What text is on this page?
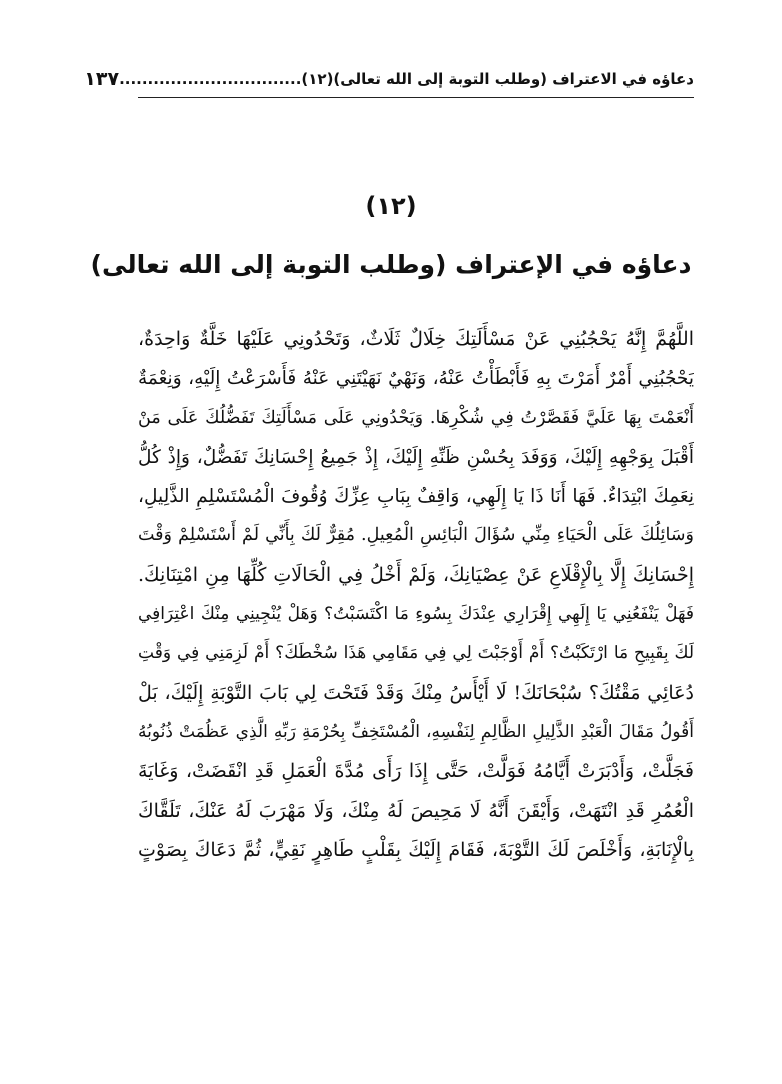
دعاؤه في الاعتراف (وطلب التوبة إلى الله تعالى)(١٢)
................................
١٣٧
(١٢)
دعاؤه في الإعتراف (وطلب التوبة إلى الله تعالى)
اللَّهُمَّ إِنَّهُ يَحْجُبُنِي عَنْ مَسْأَلَتِكَ خِلَالٌ ثَلَاثٌ، وَتَحْدُونِي عَلَيْهَا خَلَّةٌ وَاحِدَةٌ،
يَحْجُبُنِي أَمْرٌ أَمَرْتَ بِهِ فَأَبْطَأْتُ عَنْهُ، وَنَهْيٌ نَهَيْتَنِي عَنْهُ فَأَسْرَعْتُ إِلَيْهِ، وَنِعْمَةٌ
أَنْعَمْتَ بِهَا عَلَيَّ فَقَصَّرْتُ فِي شُكْرِهَا. وَيَحْدُونِي عَلَى مَسْأَلَتِكَ تَفَضُّلُكَ عَلَى مَنْ
أَقْبَلَ بِوَجْهِهِ إِلَيْكَ، وَوَفَدَ بِحُسْنِ ظَنِّهِ إِلَيْكَ، إِذْ جَمِيعُ إِحْسَانِكَ تَفَضُّلٌ، وَإِذْ كُلُّ
نِعَمِكَ ابْتِدَاءٌ. فَهَا أَنَا ذَا يَا إِلَهِي، وَاقِفٌ بِبَابِ عِزِّكَ وُقُوفَ الْمُسْتَسْلِمِ الذَّلِيلِ،
وَسَائِلُكَ عَلَى الْحَيَاءِ مِنِّي سُؤَالَ الْبَائِسِ الْمُعِيلِ. مُقِرٌّ لَكَ بِأَنِّي لَمْ أَسْتَسْلِمْ وَقْتَ
إِحْسَانِكَ إِلَّا بِالْإِقْلَاعِ عَنْ عِصْيَانِكَ، وَلَمْ أَخْلُ فِي الْحَالَاتِ كُلِّهَا مِنِ امْتِنَانِكَ.
فَهَلْ يَنْفَعُنِي يَا إِلَهِي إِقْرَارِي عِنْدَكَ بِسُوءِ مَا اكْتَسَبْتُ؟ وَهَلْ يُنْجِينِي مِنْكَ اعْتِرَافِي
لَكَ بِقَبِيحِ مَا ارْتَكَبْتُ؟ أَمْ أَوْجَبْتَ لِي فِي مَقَامِي هَذَا سُخْطَكَ؟ أَمْ لَزِمَنِي فِي وَقْتِ
دُعَائِي مَقْتُكَ؟ سُبْحَانَكَ! لَا أَيْأَسُ مِنْكَ وَقَدْ فَتَحْتَ لِي بَابَ التَّوْبَةِ إِلَيْكَ، بَلْ
أَقُولُ مَقَالَ الْعَبْدِ الذَّلِيلِ الظَّالِمِ لِنَفْسِهِ، الْمُسْتَخِفِّ بِحُرْمَةِ رَبِّهِ الَّذِي عَظُمَتْ ذُنُوبُهُ
فَجَلَّتْ، وَأَدْبَرَتْ أَيَّامُهُ فَوَلَّتْ، حَتَّى إِذَا رَأَى مُدَّةَ الْعَمَلِ قَدِ انْقَضَتْ، وَغَايَةَ
الْعُمُرِ قَدِ انْتَهَتْ، وَأَيْقَنَ أَنَّهُ لَا مَحِيصَ لَهُ مِنْكَ، وَلَا مَهْرَبَ لَهُ عَنْكَ، تَلَقَّاكَ
بِالْإِنَابَةِ، وَأَخْلَصَ لَكَ التَّوْبَةَ، فَقَامَ إِلَيْكَ بِقَلْبٍ طَاهِرٍ نَقِيٍّ، ثُمَّ دَعَاكَ بِصَوْتٍ
